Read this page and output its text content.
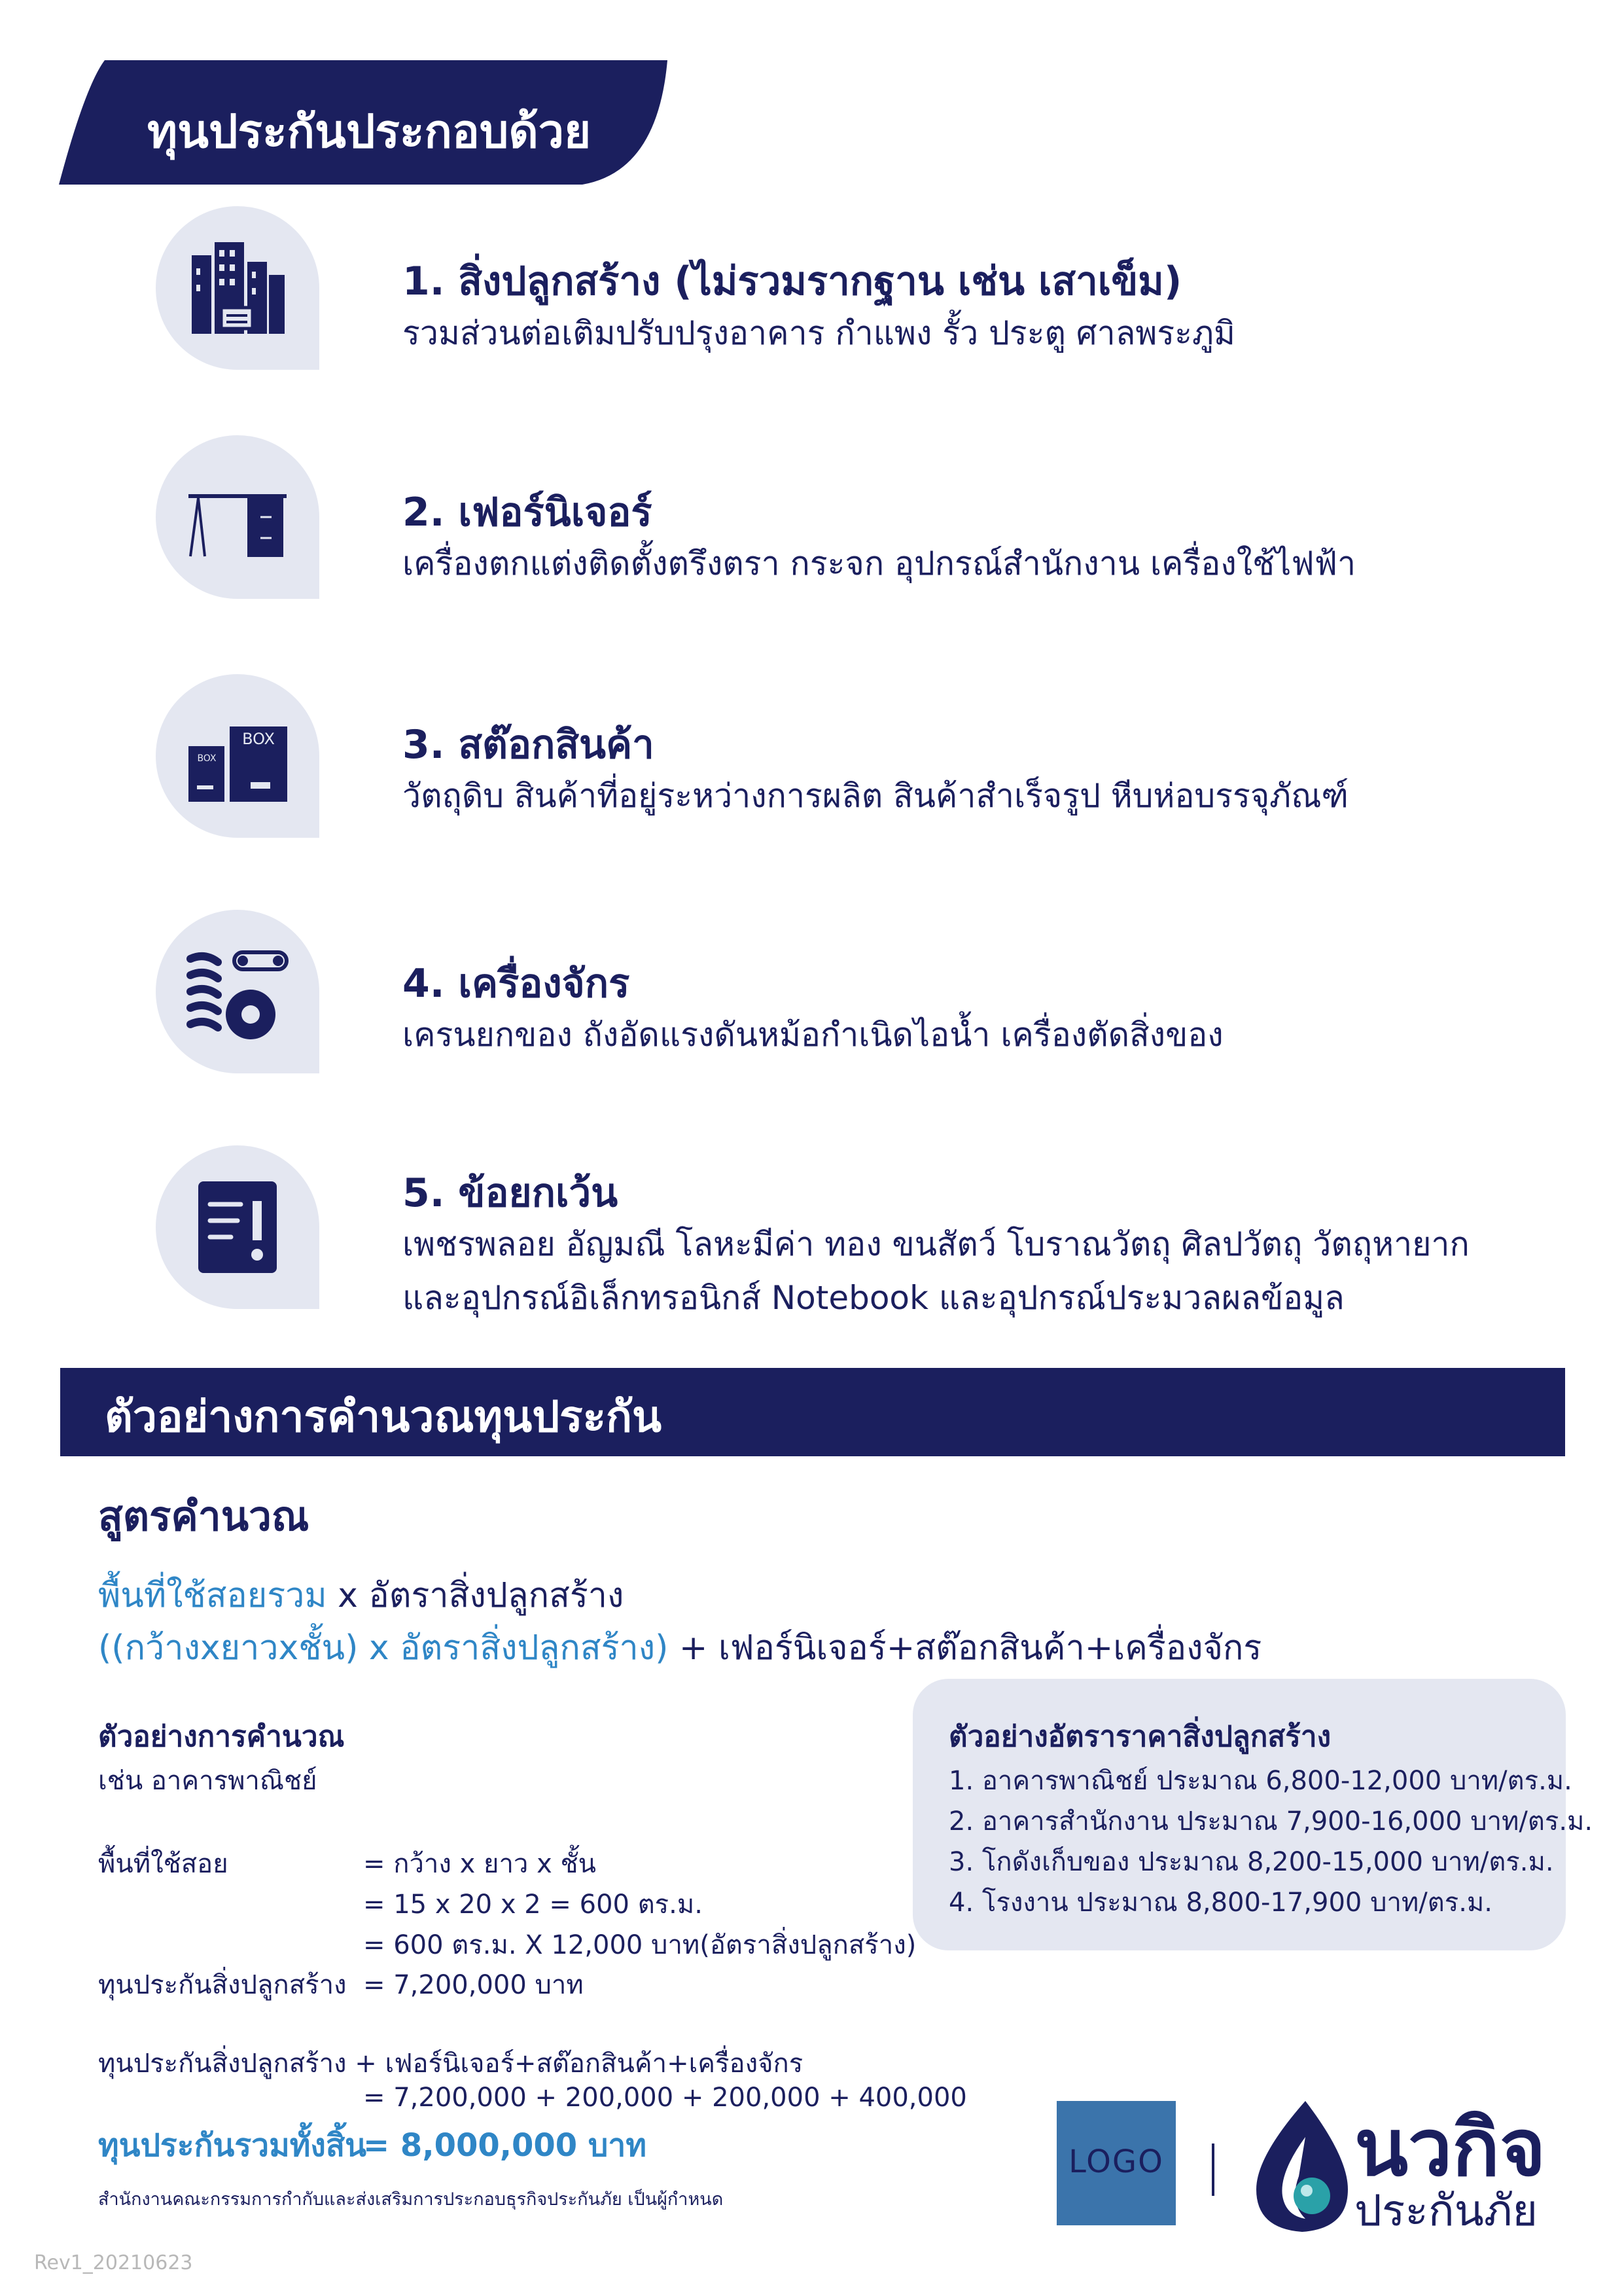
ทุนประกันประกอบด้วย
1. สิ่งปลูกสร้าง (ไม่รวมรากฐาน เช่น เสาเข็ม)
รวมส่วนต่อเติมปรับปรุงอาคาร กำแพง รั้ว ประตู ศาลพระภูมิ
2. เฟอร์นิเจอร์
เครื่องตกแต่งติดตั้งตรึงตรา กระจก อุปกรณ์สำนักงาน เครื่องใช้ไฟฟ้า
BOX
BOX	3. สต๊อกสินค้า
วัตถุดิบ สินค้าที่อยู่ระหว่างการผลิต สินค้าสำเร็จรูป หีบห่อบรรจุภัณฑ์
4. เครื่องจักร
เครนยกของ ถังอัดแรงดันหม้อกำเนิดไอน้ำ เครื่องตัดสิ่งของ
5. ข้อยกเว้น
เพชรพลอย อัญมณี โลหะมีค่า ทอง ขนสัตว์ โบราณวัตถุ ศิลปวัตถุ วัตถุหายาก
และอุปกรณ์อิเล็กทรอนิกส์ Notebook และอุปกรณ์ประมวลผลข้อมูล
ตัวอย่างการคำนวณทุนประกัน
สูตรคำนวณ
พื้นที่ใช้สอยรวม x อัตราสิ่งปลูกสร้าง
((กว้างxยาวxชั้น) x อัตราสิ่งปลูกสร้าง) + เฟอร์นิเจอร์+สต๊อกสินค้า+เครื่องจักร
ตัวอย่างการคำนวณ
เช่น อาคารพาณิชย์
พื้นที่ใช้สอย	= กว้าง x ยาว x ชั้น
= 15 x 20 x 2 = 600 ตร.ม.
= 600 ตร.ม. X 12,000 บาท(อัตราสิ่งปลูกสร้าง)
ทุนประกันสิ่งปลูกสร้าง = 7,200,000 บาท
ทุนประกันสิ่งปลูกสร้าง + เฟอร์นิเจอร์+สต๊อกสินค้า+เครื่องจักร
= 7,200,000 + 200,000 + 200,000 + 400,000
ทุนประกันรวมทั้งสิ้น
= 8,000,000 บาท
สำนักงานคณะกรรมการกำกับและส่งเสริมการประกอบธุรกิจประกันภัย เป็นผู้กำหนด
ตัวอย่างอัตราราคาสิ่งปลูกสร้าง
1. อาคารพาณิชย์ ประมาณ 6,800-12,000 บาท/ตร.ม.
2. อาคารสำนักงาน ประมาณ 7,900-16,000 บาท/ตร.ม.
3. โกดังเก็บของ ประมาณ 8,200-15,000 บาท/ตร.ม.
4. โรงงาน ประมาณ 8,800-17,900 บาท/ตร.ม.
LOGO นวกิจ
ประกันภัย
Rev1_20210623
